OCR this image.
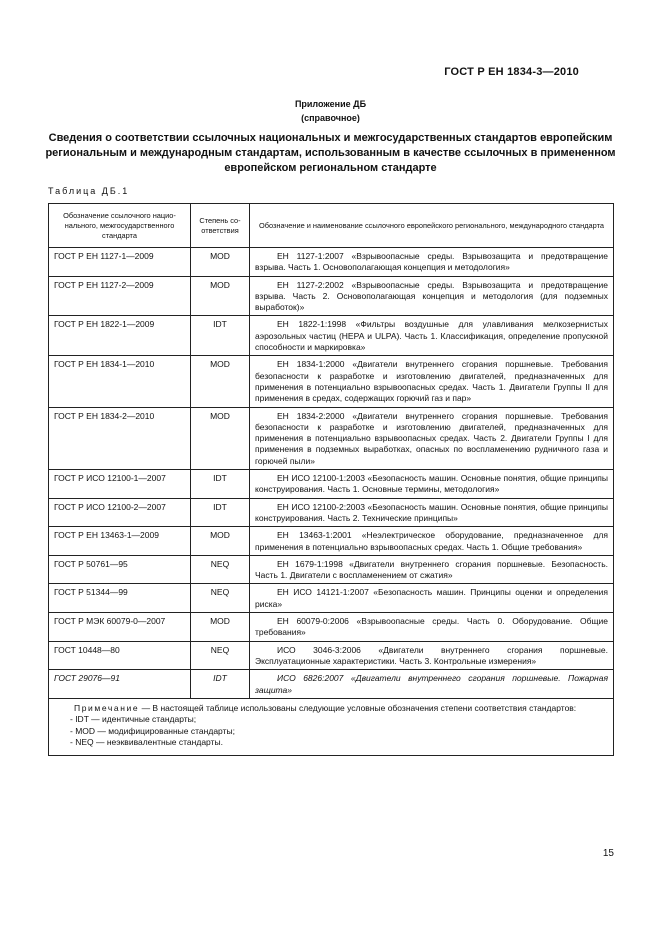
ГОСТ Р ЕН 1834-3—2010
Приложение ДБ
(справочное)
Сведения о соответствии ссылочных национальных и межгосударственных стандартов европейским региональным и международным стандартам, использованным в качестве ссылочных в примененном европейском региональном стандарте
Таблица ДБ.1
Обозначение ссылочного нацио-нального, межгосударственного стандарта	Степень со-ответствия	Обозначение и наименование ссылочного европейского регионального, международного стандарта
ГОСТ Р ЕН 1127-1—2009	MOD	ЕН 1127-1:2007 «Взрывоопасные среды. Взрывозащита и предотвращение взрыва. Часть 1. Основополагающая концепция и методология»
ГОСТ Р ЕН 1127-2—2009	MOD	ЕН 1127-2:2002 «Взрывоопасные среды. Взрывозащита и предотвращение взрыва. Часть 2. Основополагающая концепция и методология (для подземных выработок)»
ГОСТ Р ЕН 1822-1—2009	IDT	ЕН 1822-1:1998 «Фильтры воздушные для улавливания мелкозернистых аэрозольных частиц (НЕРА и ULPA). Часть 1. Классификация, определение пропускной способности и маркировка»
ГОСТ Р ЕН 1834-1—2010	MOD	ЕН 1834-1:2000 «Двигатели внутреннего сгорания поршневые. Требования безопасности к разработке и изготовлению двигателей, предназначенных для применения в потенциально взрывоопасных средах. Часть 1. Двигатели Группы II для применения в средах, содержащих горючий газ и пар»
ГОСТ Р ЕН 1834-2—2010	MOD	ЕН 1834-2:2000 «Двигатели внутреннего сгорания поршневые. Требования безопасности к разработке и изготовлению двигателей, предназначенных для применения в потенциально взрывоопасных средах. Часть 2. Двигатели Группы I для применения в подземных выработках, опасных по воспламенению рудничного газа и горючей пыли»
ГОСТ Р ИСО 12100-1—2007	IDT	ЕН ИСО 12100-1:2003 «Безопасность машин. Основные понятия, общие принципы конструирования. Часть 1. Основные термины, методология»
ГОСТ Р ИСО 12100-2—2007	IDT	ЕН ИСО 12100-2:2003 «Безопасность машин. Основные понятия, общие принципы конструирования. Часть 2. Технические принципы»
ГОСТ Р ЕН 13463-1—2009	MOD	ЕН 13463-1:2001 «Неэлектрическое оборудование, предназначенное для применения в потенциально взрывоопасных средах. Часть 1. Общие требования»
ГОСТ Р 50761—95	NEQ	ЕН 1679-1:1998 «Двигатели внутреннего сгорания поршневые. Безопасность. Часть 1. Двигатели с воспламенением от сжатия»
ГОСТ Р 51344—99	NEQ	ЕН ИСО 14121-1:2007 «Безопасность машин. Принципы оценки и определения риска»
ГОСТ Р МЭК 60079-0—2007	MOD	ЕН 60079-0:2006 «Взрывоопасные среды. Часть 0. Оборудование. Общие требования»
ГОСТ 10448—80	NEQ	ИСО 3046-3:2006 «Двигатели внутреннего сгорания поршневые. Эксплуатационные характеристики. Часть 3. Контрольные измерения»
ГОСТ 29076—91	IDT	ИСО 6826:2007 «Двигатели внутреннего сгорания поршневые. Пожарная защита»

Примечание — В настоящей таблице использованы следующие условные обозначения степени соответствия стандартов:
- IDT — идентичные стандарты;
- MOD — модифицированные стандарты;
- NEQ — неэквивалентные стандарты.		
15
